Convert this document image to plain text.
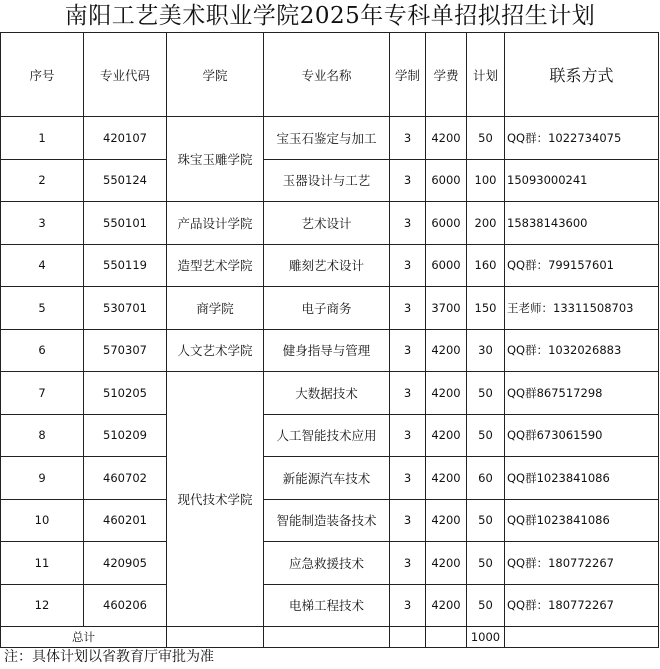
南阳工艺美术职业学院2025年专科单招拟招生计划
序号	专业代码	学院	专业名称	学制	学费	计划	联系方式
1	420107	珠宝玉雕学院	宝玉石鉴定与加工	3	4200	50	QQ群：1022734075
2	550124		玉器设计与工艺	3	6000	100	15093000241
3	550101	产品设计学院	艺术设计	3	6000	200	15838143600
4	550119	造型艺术学院	雕刻艺术设计	3	6000	160	QQ群：799157601
5	530701	商学院	电子商务	3	3700	150	王老师：13311508703
6	570307	人文艺术学院	健身指导与管理	3	4200	30	QQ群：1032026883
7	510205	现代技术学院	大数据技术	3	4200	50	QQ群867517298
8	510209		人工智能技术应用	3	4200	50	QQ群673061590
9	460702		新能源汽车技术	3	4200	60	QQ群1023841086
10	460201		智能制造装备技术	3	4200	50	QQ群1023841086
11	420905		应急救援技术	3	4200	50	QQ群：180772267
12	460206		电梯工程技术	3	4200	50	QQ群：180772267
总计						1000	
注：具体计划以省教育厅审批为准
